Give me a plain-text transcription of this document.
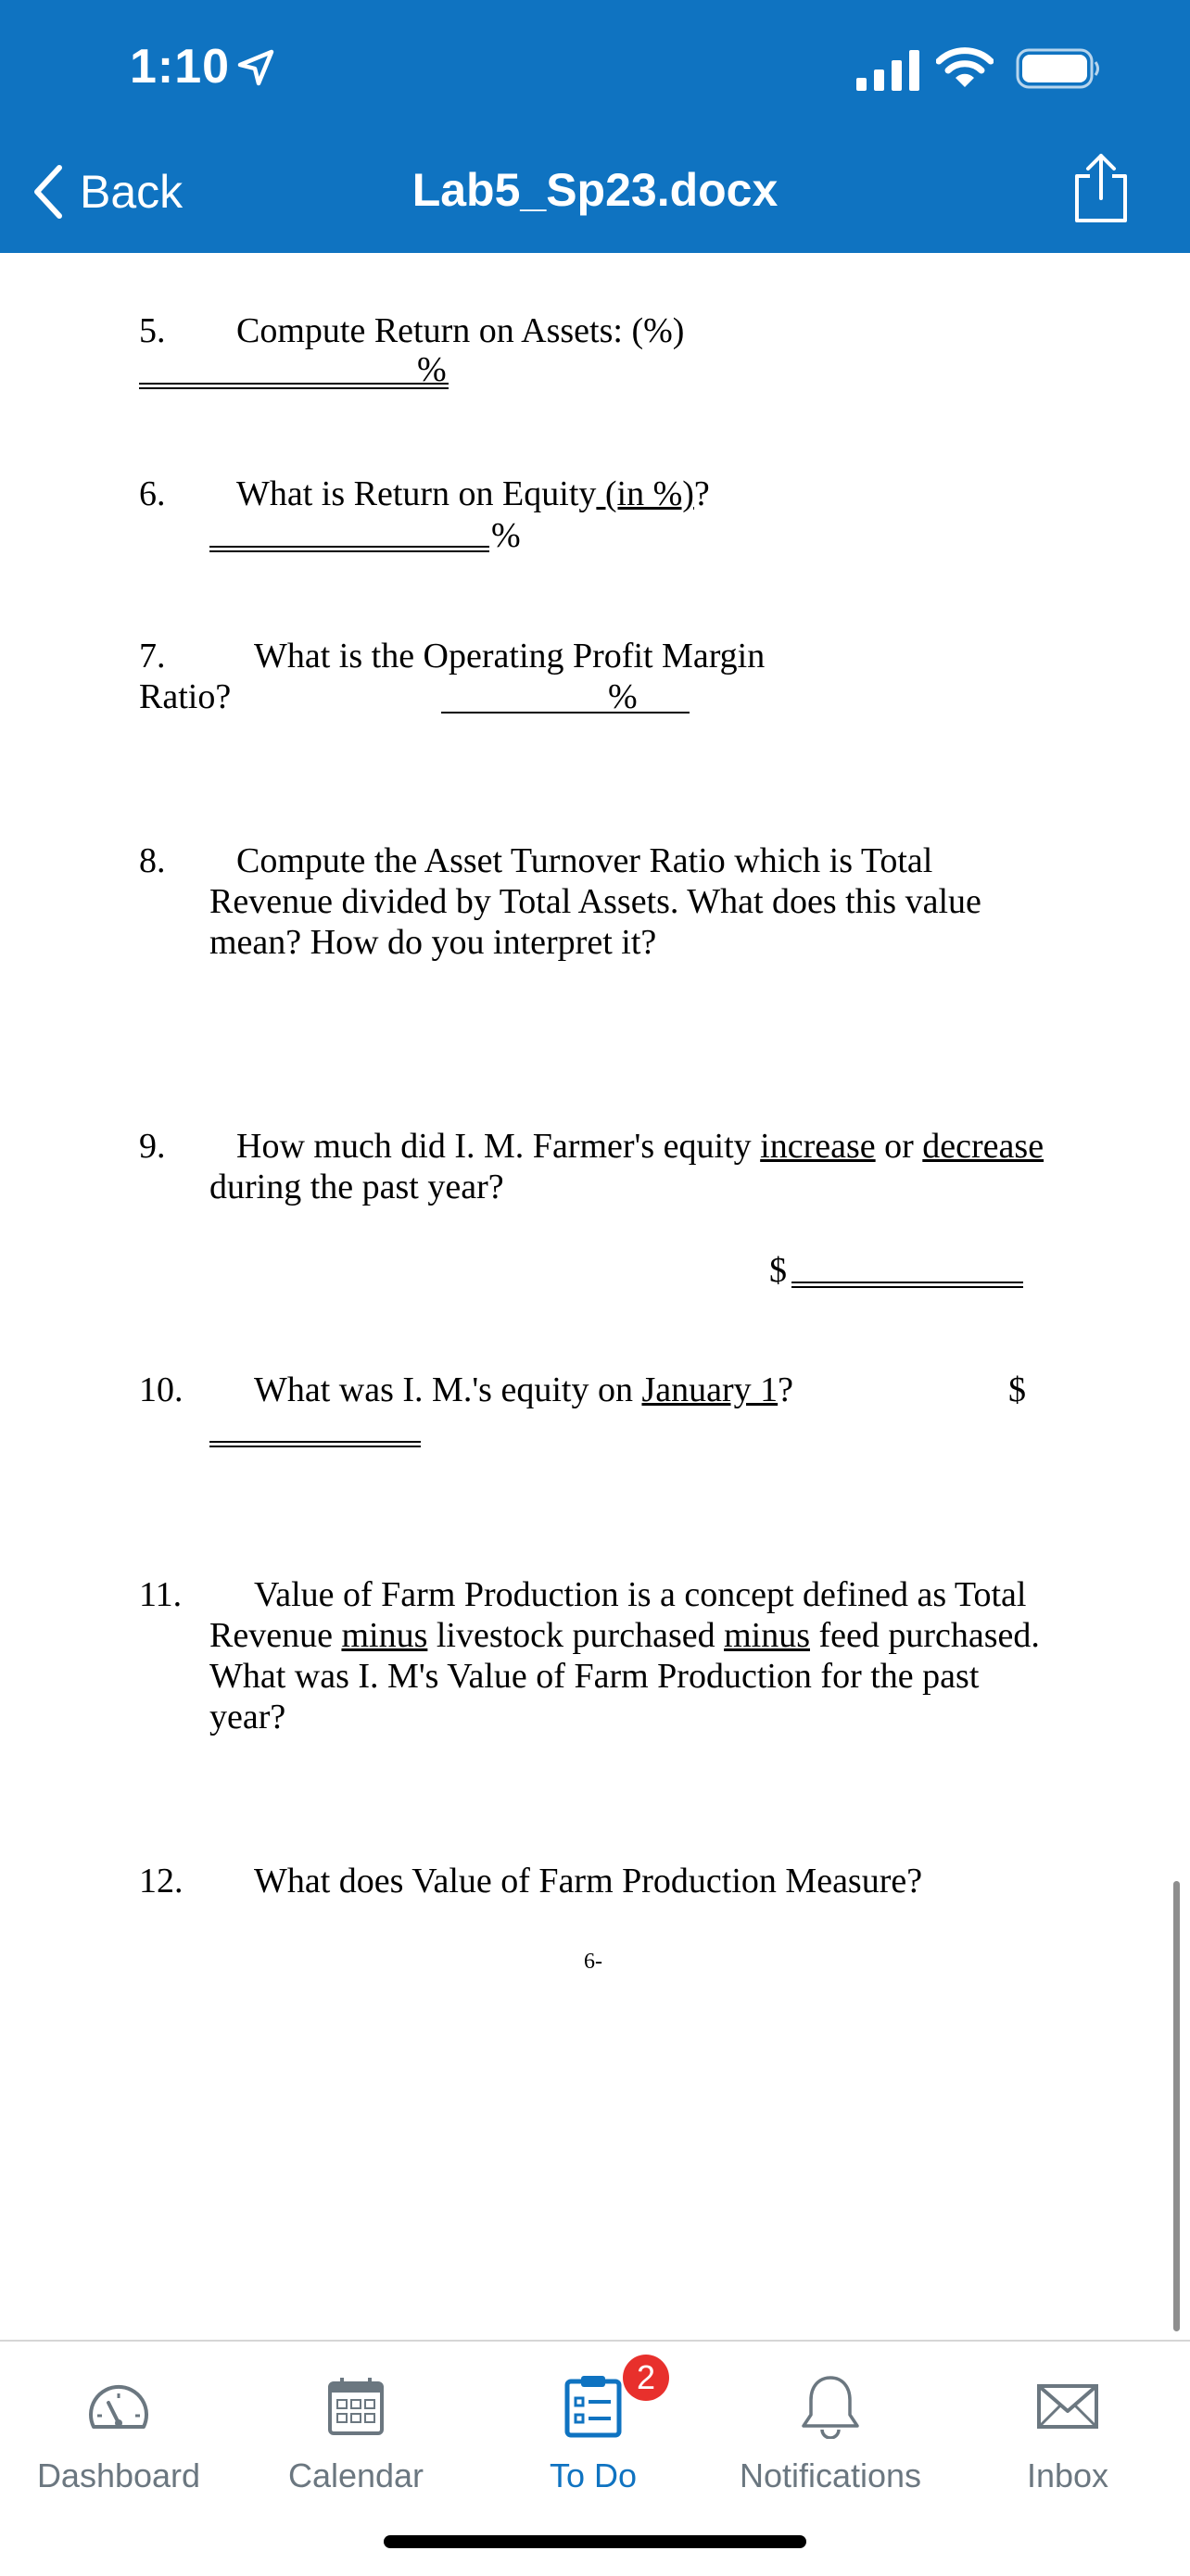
1:10
Back	Lab5_Sp23.docx
5. Compute Return on Assets: (%)
%
6. What is Return on Equity (in %)?
%
7.	What is the Operating Profit Margin
Ratio?	%
8. Compute the Asset Turnover Ratio which is Total
Revenue divided by Total Assets. What does this value
mean? How do you interpret it?
9. How much did I. M. Farmer's equity increase or decrease
during the past year?
$
10. What was I. M.'s equity on January 1?	$
11. Value of Farm Production is a concept defined as Total
Revenue minus livestock purchased minus feed purchased.
What was I. M's Value of Farm Production for the past
year?
12. What does Value of Farm Production Measure?
6-
Dashboard	Calendar	To Do
2
Notifications	Inbox
